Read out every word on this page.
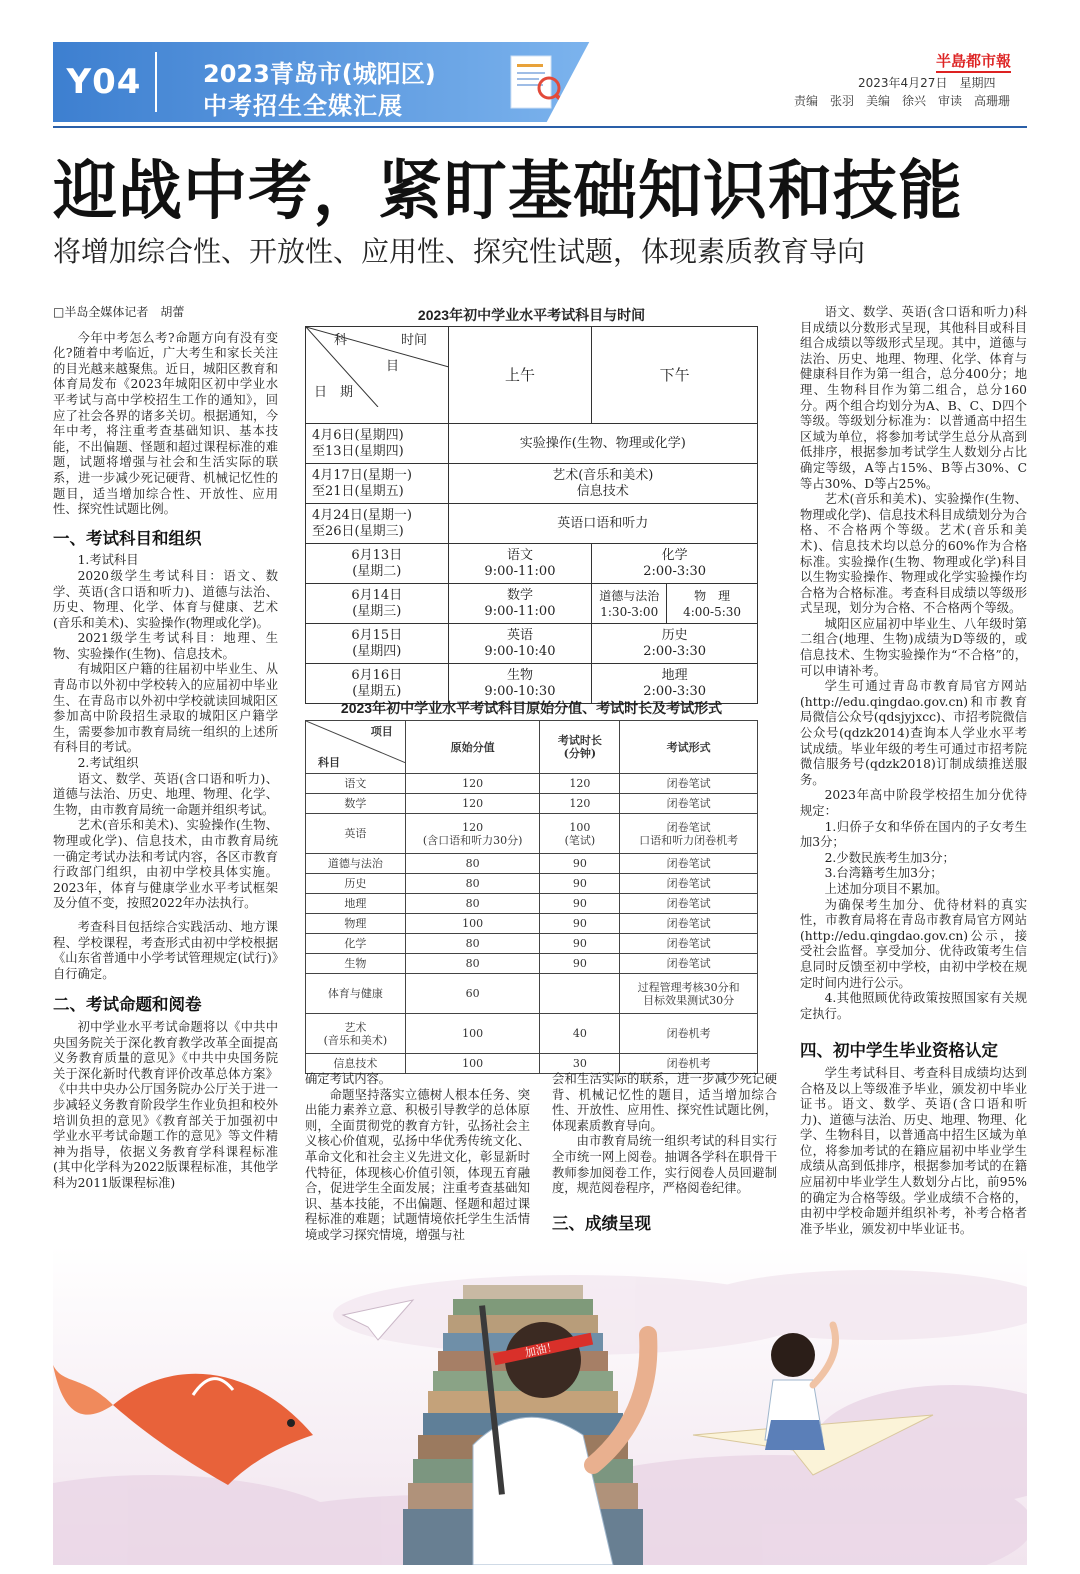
Y04	2023青岛市(城阳区)
中考招生全媒汇展
半島都市報
2023年4月27日　星期四
责编　张羽　美编　徐兴　审读　高珊珊
迎战中考，紧盯基础知识和技能
将增加综合性、开放性、应用性、探究性试题，体现素质教育导向

□半岛全媒体记者　胡蕾

今年中考怎么考?命题方向有没有变化?随着中考临近，广大考生和家长关注的目光越来越聚焦。近日，城阳区教育和体育局发布《2023年城阳区初中学业水平考试与高中学校招生工作的通知》，回应了社会各界的诸多关切。根据通知，今年中考，将注重考查基础知识、基本技能，不出偏题、怪题和超过课程标准的难题，试题将增强与社会和生活实际的联系，进一步减少死记硬背、机械记忆性的题目，适当增加综合性、开放性、应用性、探究性试题比例。

一、考试科目和组织

1.考试科目

2020级学生考试科目：语文、数学、英语(含口语和听力)、道德与法治、历史、物理、化学、体育与健康、艺术(音乐和美术)、实验操作(物理或化学)。

2021级学生考试科目：地理、生物、实验操作(生物)、信息技术。

有城阳区户籍的往届初中毕业生、从青岛市以外初中学校转入的应届初中毕业生、在青岛市以外初中学校就读回城阳区参加高中阶段招生录取的城阳区户籍学生，需要参加市教育局统一组织的上述所有科目的考试。

2.考试组织

语文、数学、英语(含口语和听力)、道德与法治、历史、地理、物理、化学、生物，由市教育局统一命题并组织考试。

艺术(音乐和美术)、实验操作(生物、物理或化学)、信息技术，由市教育局统一确定考试办法和考试内容，各区市教育行政部门组织，由初中学校具体实施。2023年，体育与健康学业水平考试框架及分值不变，按照2022年办法执行。

考查科目包括综合实践活动、地方课程、学校课程，考查形式由初中学校根据《山东省普通中小学考试管理规定(试行)》自行确定。

二、考试命题和阅卷

初中学业水平考试命题将以《中共中央国务院关于深化教育教学改革全面提高义务教育质量的意见》《中共中央国务院关于深化新时代教育评价改革总体方案》《中共中央办公厅国务院办公厅关于进一步减轻义务教育阶段学生作业负担和校外培训负担的意见》《教育部关于加强初中学业水平考试命题工作的意见》等文件精神为指导，依据义务教育学科课程标准(其中化学科为2022版课程标准，其他学科为2011版课程标准)

2023年初中学业水平考试科目与时间

科 时间

目

日　期	上午	下午	
4月6日(星期四)
至13日(星期四)	实验操作(生物、物理或化学)		
4月17日(星期一)
至21日(星期五)	艺术(音乐和美术)
信息技术		
4月24日(星期一)
至26日(星期三)	英语口语和听力		
6月13日
(星期二)	语文
9:00-11:00	化学
2:00-3:30	
6月14日
(星期三)	数学
9:00-11:00	道德与法治
1:30-3:00	物　理
4:00-5:30
6月15日
(星期四)	英语
9:00-10:40	历史
2:00-3:30	
6月16日
(星期五)	生物
9:00-10:30	地理
2:00-3:30	
2023年初中学业水平考试科目原始分值、考试时长及考试形式

项目

科目	原始分值	考试时长
(分钟)	考试形式
语文	120	120	闭卷笔试
数学	120	120	闭卷笔试
英语	120
(含口语和听力30分)	100
(笔试)	闭卷笔试
口语和听力闭卷机考
道德与法治	80	90	闭卷笔试
历史	80	90	闭卷笔试
地理	80	90	闭卷笔试
物理	100	90	闭卷笔试
化学	80	90	闭卷笔试
生物	80	90	闭卷笔试
体育与健康	60		过程管理考核30分和
目标效果测试30分
艺术
(音乐和美术)	100	40	闭卷机考
信息技术	100	30	闭卷机考

确定考试内容。

命题坚持落实立德树人根本任务、突出能力素养立意、积极引导教学的总体原则，全面贯彻党的教育方针，弘扬社会主义核心价值观，弘扬中华优秀传统文化、革命文化和社会主义先进文化，彰显新时代特征，体现核心价值引领，体现五育融合，促进学生全面发展；注重考查基础知识、基本技能，不出偏题、怪题和超过课程标准的难题；试题情境依托学生生活情境或学习探究情境，增强与社

会和生活实际的联系，进一步减少死记硬背、机械记忆性的题目，适当增加综合性、开放性、应用性、探究性试题比例，体现素质教育导向。

由市教育局统一组织考试的科目实行全市统一网上阅卷。抽调各学科在职骨干教师参加阅卷工作，实行阅卷人员回避制度，规范阅卷程序，严格阅卷纪律。

三、成绩呈现

语文、数学、英语(含口语和听力)科目成绩以分数形式呈现，其他科目或科目组合成绩以等级形式呈现。其中，道德与法治、历史、地理、物理、化学、体育与健康科目作为第一组合，总分400分；地理、生物科目作为第二组合，总分160分。两个组合均划分为A、B、C、D四个等级。等级划分标准为：以普通高中招生区域为单位，将参加考试学生总分从高到低排序，根据参加考试学生人数划分占比确定等级，A等占15%、B等占30%、C等占30%、D等占25%。

艺术(音乐和美术)、实验操作(生物、物理或化学)、信息技术科目成绩划分为合格、不合格两个等级。艺术(音乐和美术)、信息技术均以总分的60%作为合格标准。实验操作(生物、物理或化学)科目以生物实验操作、物理或化学实验操作均合格为合格标准。考查科目成绩以等级形式呈现，划分为合格、不合格两个等级。

城阳区应届初中毕业生、八年级时第二组合(地理、生物)成绩为D等级的，或信息技术、生物实验操作为“不合格”的，可以申请补考。

学生可通过青岛市教育局官方网站(http://edu.qingdao.gov.cn)和市教育局微信公众号(qdsjyjxcc)、市招考院微信公众号(qdzk2014)查询本人学业水平考试成绩。毕业年级的考生可通过市招考院微信服务号(qdzk2018)订制成绩推送服务。

2023年高中阶段学校招生加分优待规定：

1.归侨子女和华侨在国内的子女考生加3分；

2.少数民族考生加3分；

3.台湾籍考生加3分；

上述加分项目不累加。

为确保考生加分、优待材料的真实性，市教育局将在青岛市教育局官方网站(http://edu.qingdao.gov.cn)公示，接受社会监督。享受加分、优待政策考生信息同时反馈至初中学校，由初中学校在规定时间内进行公示。

4.其他照顾优待政策按照国家有关规定执行。

四、初中学生毕业资格认定

学生考试科目、考查科目成绩均达到合格及以上等级准予毕业，颁发初中毕业证书。语文、数学、英语(含口语和听力)、道德与法治、历史、地理、物理、化学、生物科目，以普通高中招生区域为单位，将参加考试的在籍应届初中毕业学生成绩从高到低排序，根据参加考试的在籍应届初中毕业学生人数划分占比，前95%的确定为合格等级。学业成绩不合格的，由初中学校命题并组织补考，补考合格者准予毕业，颁发初中毕业证书。

加油！
